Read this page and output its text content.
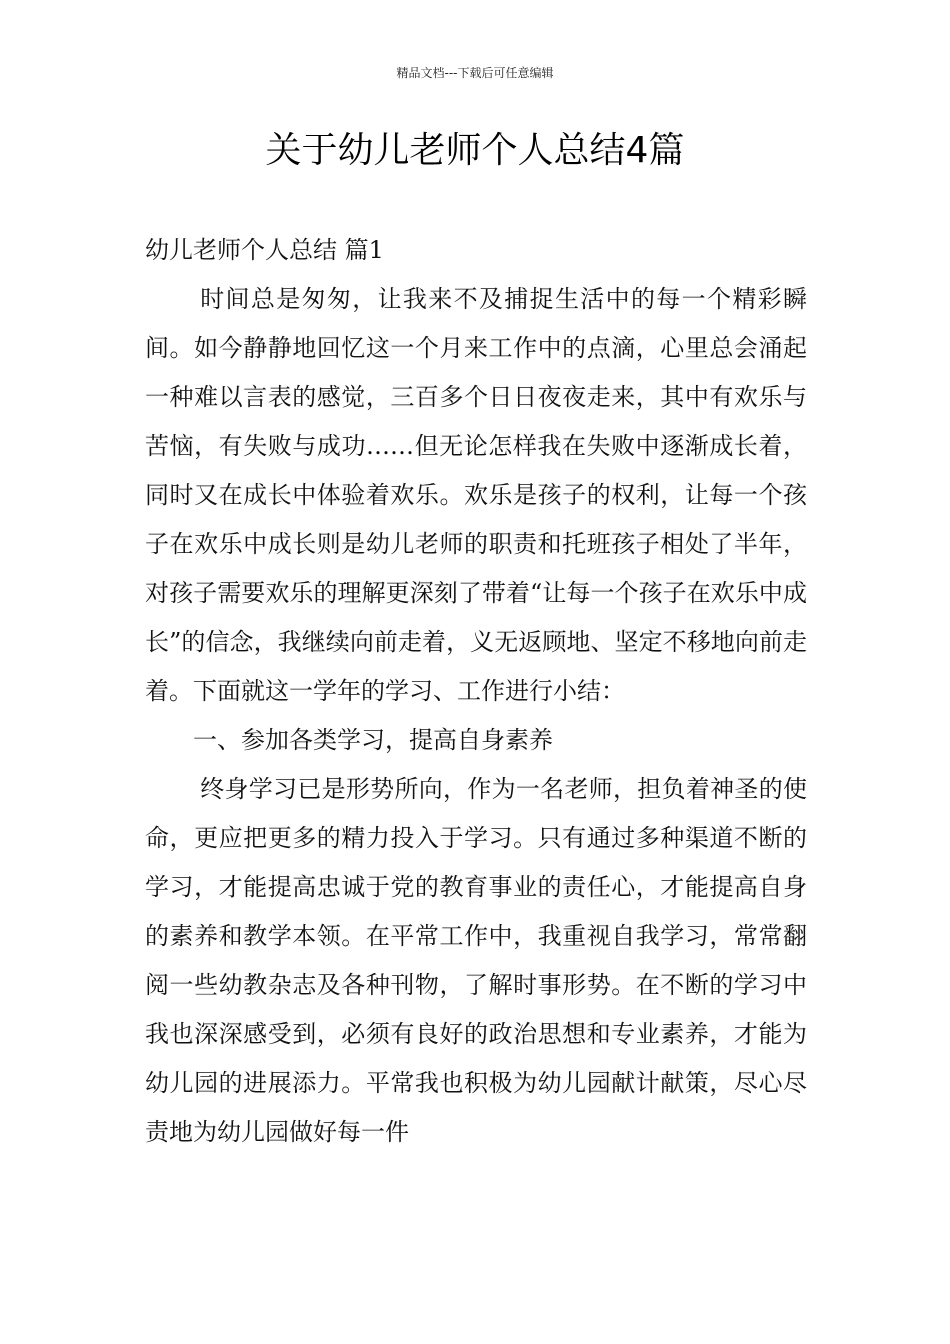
精品文档---下载后可任意编辑
关于幼儿老师个人总结4篇

幼儿老师个人总结 篇1

时间总是匆匆，让我来不及捕捉生活中的每一个精彩瞬间。如今静静地回忆这一个月来工作中的点滴，心里总会涌起一种难以言表的感觉，三百多个日日夜夜走来，其中有欢乐与苦恼，有失败与成功……但无论怎样我在失败中逐渐成长着，同时又在成长中体验着欢乐。欢乐是孩子的权利，让每一个孩子在欢乐中成长则是幼儿老师的职责和托班孩子相处了半年，对孩子需要欢乐的理解更深刻了带着“让每一个孩子在欢乐中成长”的信念，我继续向前走着，义无返顾地、坚定不移地向前走着。下面就这一学年的学习、工作进行小结：

一、参加各类学习，提高自身素养

终身学习已是形势所向，作为一名老师，担负着神圣的使命，更应把更多的精力投入于学习。只有通过多种渠道不断的学习，才能提高忠诚于党的教育事业的责任心，才能提高自身的素养和教学本领。在平常工作中，我重视自我学习，常常翻阅一些幼教杂志及各种刊物，了解时事形势。在不断的学习中我也深深感受到，必须有良好的政治思想和专业素养，才能为幼儿园的进展添力。平常我也积极为幼儿园献计献策，尽心尽责地为幼儿园做好每一件
